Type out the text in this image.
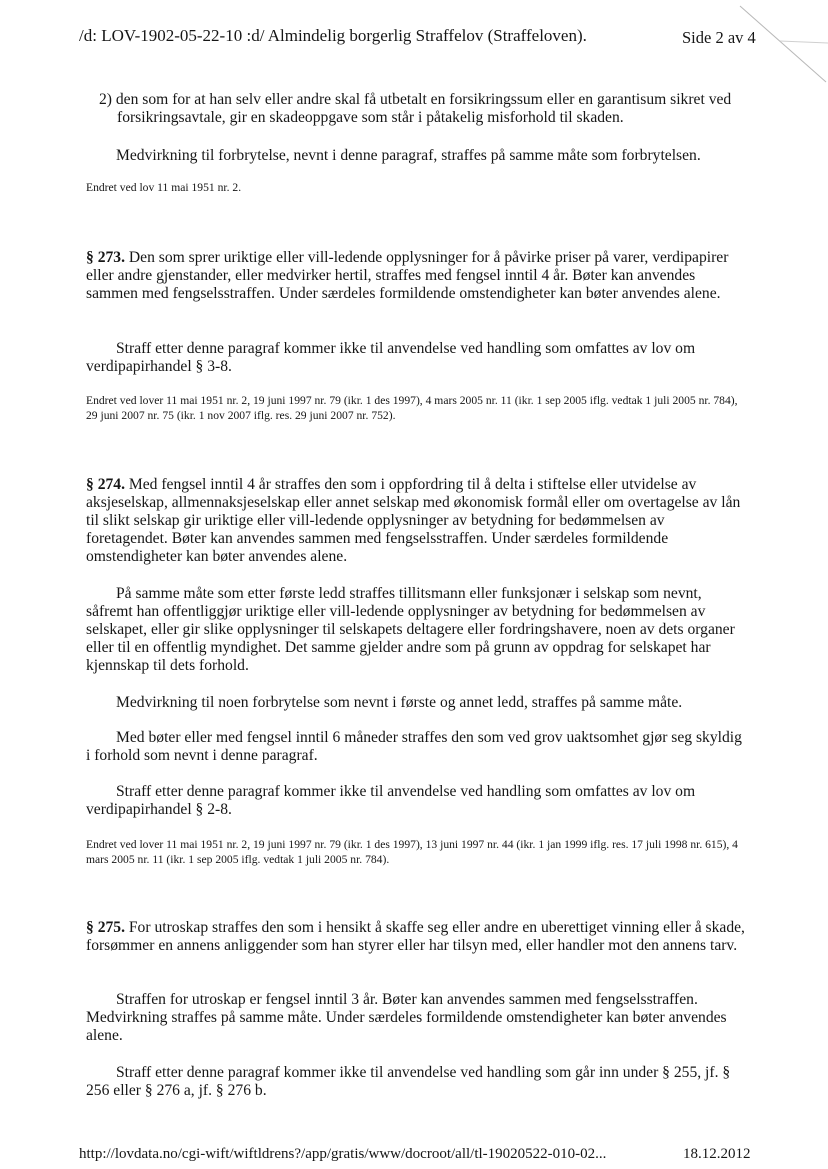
/d: LOV-1902-05-22-10 :d/ Almindelig borgerlig Straffelov (Straffeloven).	Side 2 av 4
2) den som for at han selv eller andre skal få utbetalt en forsikringssum eller en garantisum sikret ved forsikringsavtale, gir en skadeoppgave som står i påtakelig misforhold til skaden.
Medvirkning til forbrytelse, nevnt i denne paragraf, straffes på samme måte som forbrytelsen.
Endret ved lov 11 mai 1951 nr. 2.
§ 273. Den som sprer uriktige eller vill-ledende opplysninger for å påvirke priser på varer, verdipapirer eller andre gjenstander, eller medvirker hertil, straffes med fengsel inntil 4 år. Bøter kan anvendes sammen med fengselsstraffen. Under særdeles formildende omstendigheter kan bøter anvendes alene.
Straff etter denne paragraf kommer ikke til anvendelse ved handling som omfattes av lov om verdipapirhandel § 3-8.
Endret ved lover 11 mai 1951 nr. 2, 19 juni 1997 nr. 79 (ikr. 1 des 1997), 4 mars 2005 nr. 11 (ikr. 1 sep 2005 iflg. vedtak 1 juli 2005 nr. 784), 29 juni 2007 nr. 75 (ikr. 1 nov 2007 iflg. res. 29 juni 2007 nr. 752).
§ 274. Med fengsel inntil 4 år straffes den som i oppfordring til å delta i stiftelse eller utvidelse av aksjeselskap, allmennaksjeselskap eller annet selskap med økonomisk formål eller om overtagelse av lån til slikt selskap gir uriktige eller vill-ledende opplysninger av betydning for bedømmelsen av foretagendet. Bøter kan anvendes sammen med fengselsstraffen. Under særdeles formildende omstendigheter kan bøter anvendes alene.
På samme måte som etter første ledd straffes tillitsmann eller funksjonær i selskap som nevnt, såfremt han offentliggjør uriktige eller vill-ledende opplysninger av betydning for bedømmelsen av selskapet, eller gir slike opplysninger til selskapets deltagere eller fordringshavere, noen av dets organer eller til en offentlig myndighet. Det samme gjelder andre som på grunn av oppdrag for selskapet har kjennskap til dets forhold.
Medvirkning til noen forbrytelse som nevnt i første og annet ledd, straffes på samme måte.
Med bøter eller med fengsel inntil 6 måneder straffes den som ved grov uaktsomhet gjør seg skyldig i forhold som nevnt i denne paragraf.
Straff etter denne paragraf kommer ikke til anvendelse ved handling som omfattes av lov om verdipapirhandel § 2-8.
Endret ved lover 11 mai 1951 nr. 2, 19 juni 1997 nr. 79 (ikr. 1 des 1997), 13 juni 1997 nr. 44 (ikr. 1 jan 1999 iflg. res. 17 juli 1998 nr. 615), 4 mars 2005 nr. 11 (ikr. 1 sep 2005 iflg. vedtak 1 juli 2005 nr. 784).
§ 275. For utroskap straffes den som i hensikt å skaffe seg eller andre en uberettiget vinning eller å skade, forsømmer en annens anliggender som han styrer eller har tilsyn med, eller handler mot den annens tarv.
Straffen for utroskap er fengsel inntil 3 år. Bøter kan anvendes sammen med fengselsstraffen. Medvirkning straffes på samme måte. Under særdeles formildende omstendigheter kan bøter anvendes alene.
Straff etter denne paragraf kommer ikke til anvendelse ved handling som går inn under § 255, jf. § 256 eller § 276 a, jf. § 276 b.
http://lovdata.no/cgi-wift/wiftldrens?/app/gratis/www/docroot/all/tl-19020522-010-02...	18.12.2012
